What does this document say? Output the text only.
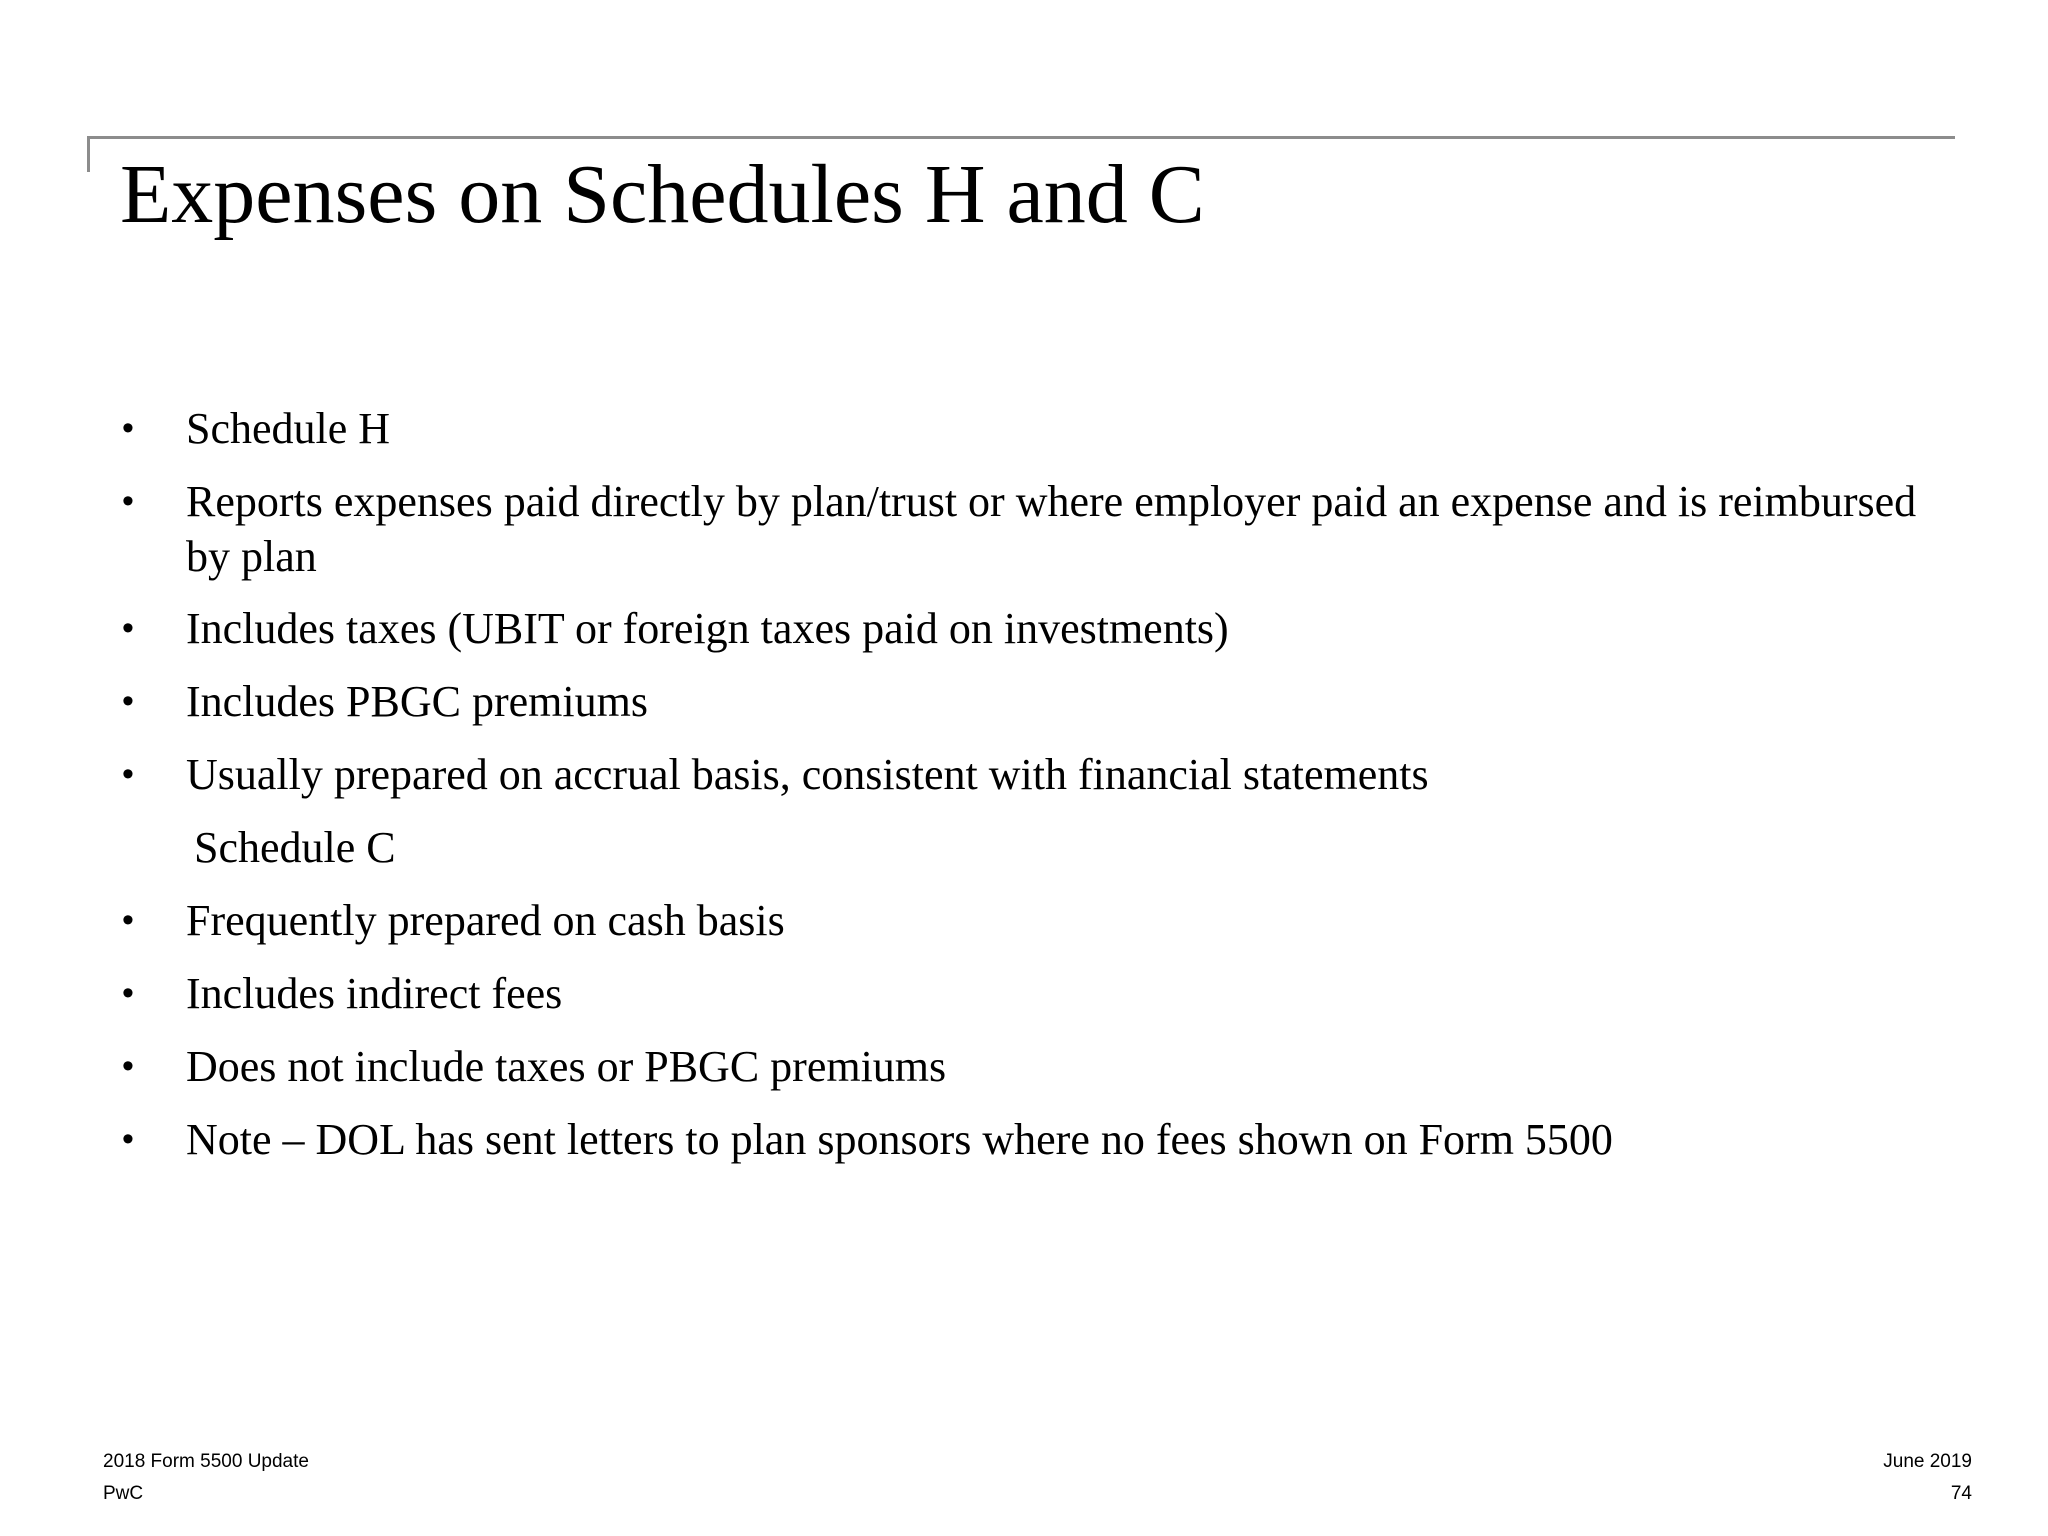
Expenses on Schedules H and C
• Schedule H
• Reports expenses paid directly by plan/trust or where employer paid an expense and is reimbursed by plan
• Includes taxes (UBIT or foreign taxes paid on investments)
• Includes PBGC premiums
• Usually prepared on accrual basis, consistent with financial statements
Schedule C
• Frequently prepared on cash basis
• Includes indirect fees
• Does not include taxes or PBGC premiums
• Note – DOL has sent letters to plan sponsors where no fees shown on Form 5500
2018 Form 5500 Update
PwC
June 2019
74
